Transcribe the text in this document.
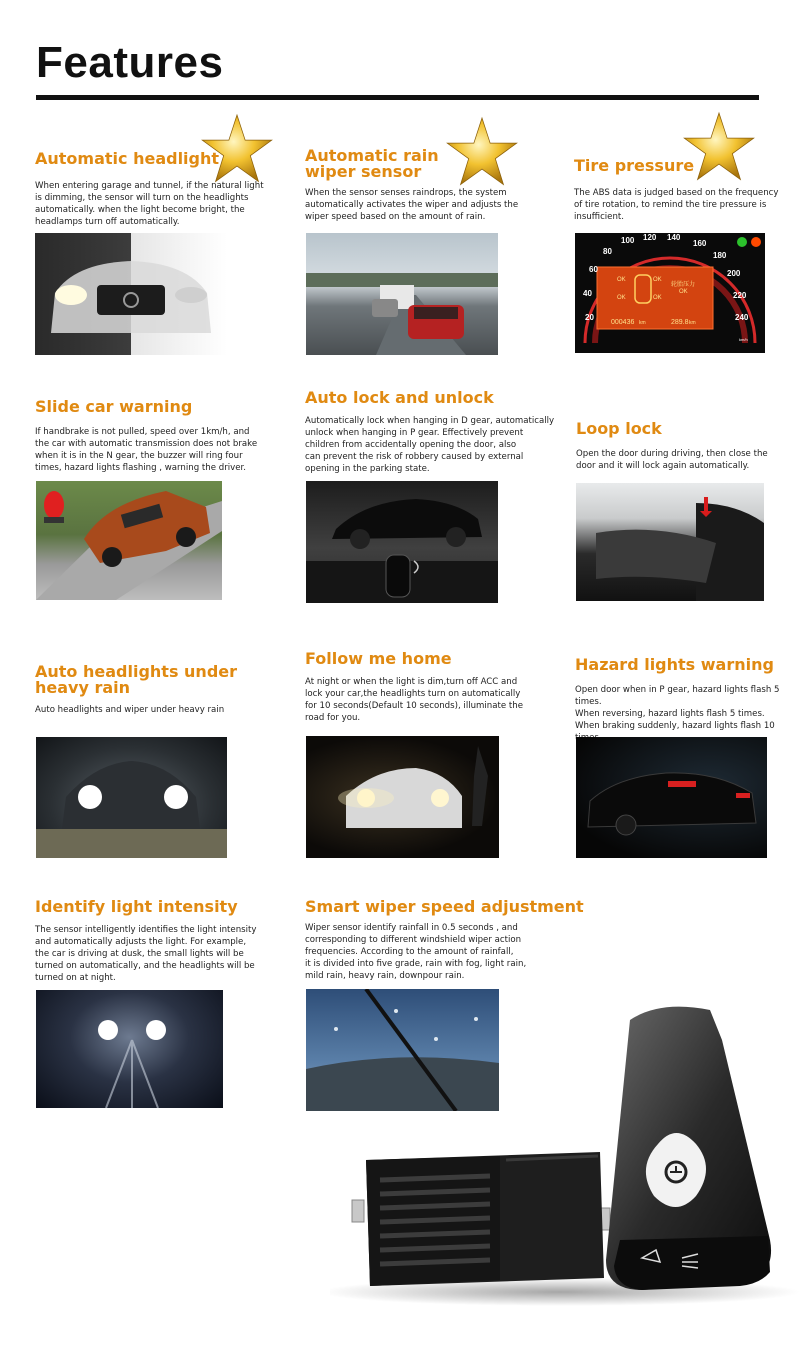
Features
Automatic headlight

When entering garage and tunnel, if the natural light
is dimming, the sensor will turn on the headlights
automatically. when the light become bright, the
headlamps turn off automatically.

Automatic rain
wiper sensor

When the sensor senses raindrops, the system
automatically activates the wiper and adjusts the
wiper speed based on the amount of rain.

Tire pressure

The ABS data is judged based on the frequency
of tire rotation, to remind the tire pressure is
insufficient.

20
40
60
80
100 120 140
160
180
200
220
240
OK
OK
OK
OK
轮胎压力
OK
000436 km	289.8 km
km/h
Slide car warning

If handbrake is not pulled, speed over 1km/h, and
the car with automatic transmission does not brake
when it is in the N gear, the buzzer will ring four
times, hazard lights flashing , warning the driver.

Auto lock and unlock

Automatically lock when hanging in D gear, automatically
unlock when hanging in P gear. Effectively prevent
children from accidentally opening the door, also
can prevent the risk of robbery caused by external
opening in the parking state.

Loop lock

Open the door during driving, then close the
door and it will lock again automatically.

Auto headlights under
heavy rain

Auto headlights and wiper under heavy rain

Follow me home

At night or when the light is dim,turn off ACC and
lock your car,the headlights turn on automatically
for 10 seconds(Default 10 seconds), illuminate the
road for you.

Hazard lights warning

Open door when in P gear, hazard lights flash 5 times.
When reversing, hazard lights flash 5 times.
When braking suddenly, hazard lights flash 10

Identify light intensity

The sensor intelligently identifies the light intensity
and automatically adjusts the light. For example,
the car is driving at dusk, the small lights will be
turned on automatically, and the headlights will be
turned on at night.

Smart wiper speed adjustment

Wiper sensor identify rainfall in 0.5 seconds , and
corresponding to different windshield wiper action
frequencies. According to the amount of rainfall,
it is divided into five grade, rain with fog, light rain,
mild rain, heavy rain, downpour rain.
